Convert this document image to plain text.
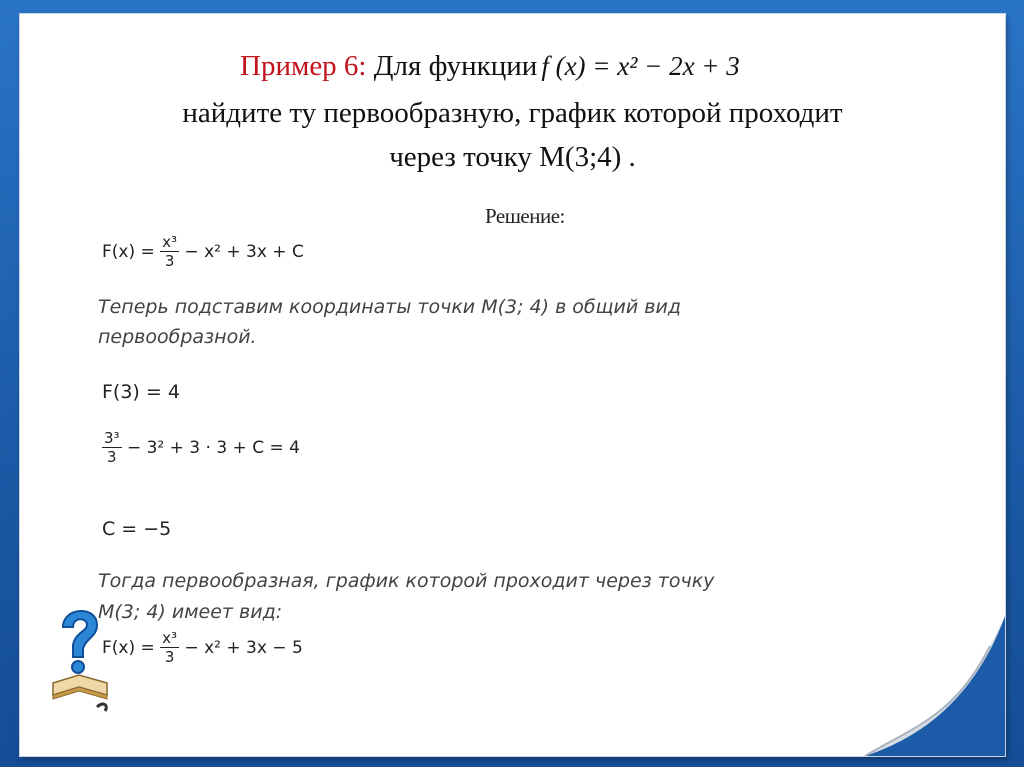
Пример 6: Для функции f (x) = x² − 2x + 3
найдите ту первообразную, график которой проходит
через точку М(3;4) .
Решение:
$F(x) = \frac{\text{x³}}{3} - x^2 + 3x + C$
Теперь подставим координаты точки М(3; 4) в общий вид
первообразной.
F(3) = 4
$\frac{\text{3³}}{3} - 3^2 + 3 \cdot 3 + C = 4$
C = −5
Тогда первообразная, график которой проходит через точку
М(3; 4) имеет вид:
$F(x) = \frac{\text{x³}}{3} - x^2 + 3x - 5$
